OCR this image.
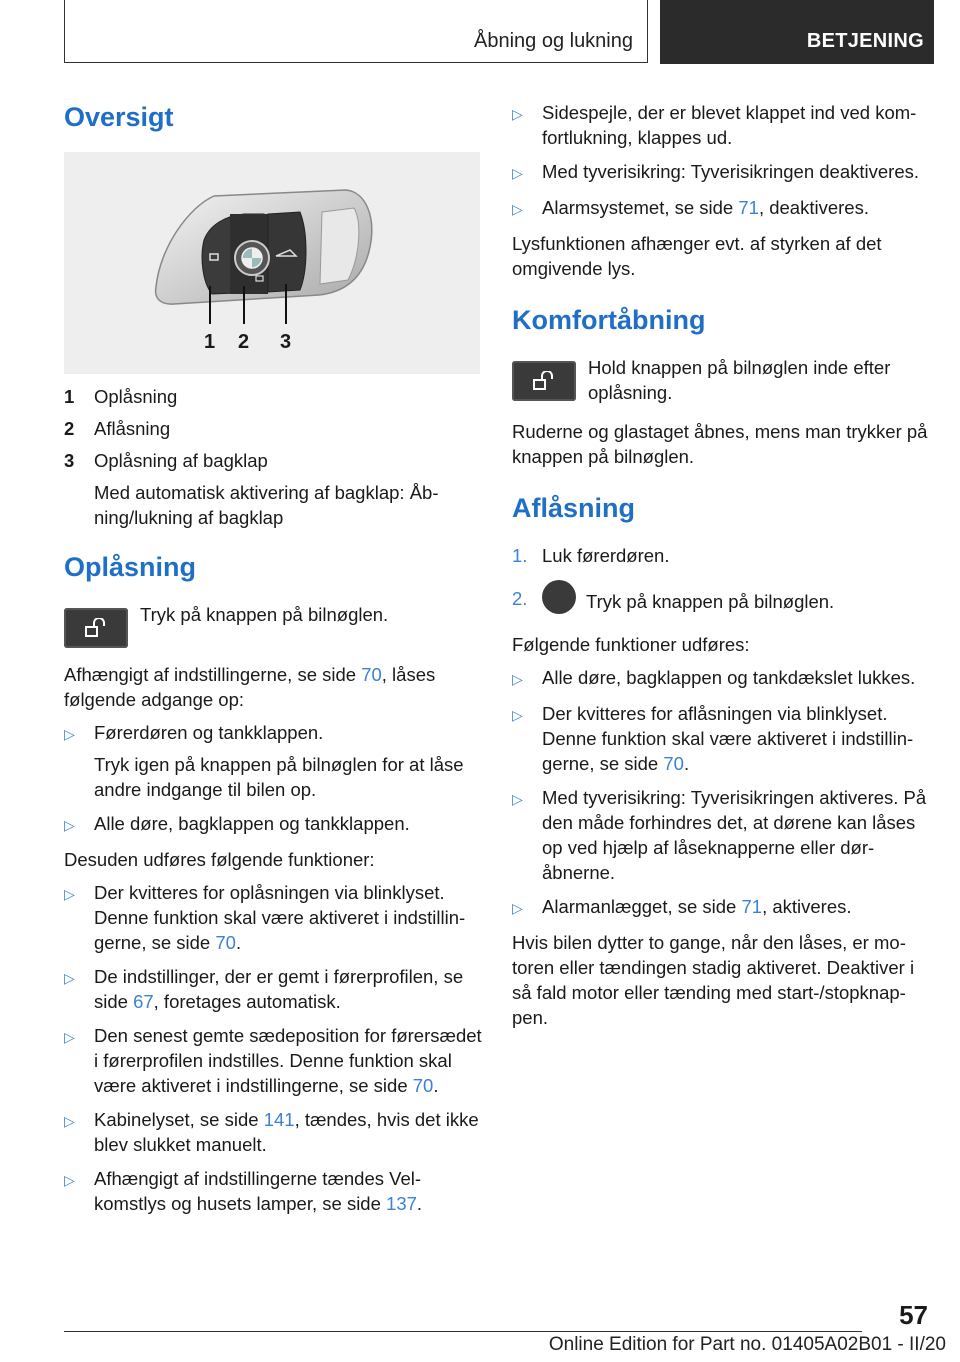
Åbning og lukning	BETJENING
Oversigt
1 2 3
1	Oplåsning
2	Aflåsning
3	Oplåsning af bagklap

Med automatisk aktivering af bagklap: Åbning/lukning af bagklap
Oplåsning
Tryk på knappen på bilnøglen.

Afhængigt af indstillingerne, se side 70, låses følgende adgange op:

▷	Førerdøren og tankklappen.
Tryk igen på knappen på bilnøglen for at låse andre indgange til bilen op.
▷	Alle døre, bagklappen og tankklappen.

Desuden udføres følgende funktioner:

▷	Der kvitteres for oplåsningen via blinklyset. Denne funktion skal være aktiveret i indstillingerne, se side 70.
▷	De indstillinger, der er gemt i førerprofilen, se side 67, foretages automatisk.
▷	Den senest gemte sædeposition for førersædet i førerprofilen indstilles. Denne funktion skal være aktiveret i indstillingerne, se side 70.
▷	Kabinelyset, se side 141, tændes, hvis det ikke blev slukket manuelt.
▷	Afhængigt af indstillingerne tændes Velkomstlys og husets lamper, se side 137.
▷	Sidespejle, der er blevet klappet ind ved komfortlukning, klappes ud.
▷	Med tyverisikring: Tyverisikringen deaktiveres.
▷	Alarmsystemet, se side 71, deaktiveres.

Lysfunktionen afhænger evt. af styrken af det omgivende lys.

Komfortåbning
Hold knappen på bilnøglen inde efter oplåsning.

Ruderne og glastaget åbnes, mens man trykker på knappen på bilnøglen.

Aflåsning
1. Luk førerdøren.
2.	Tryk på knappen på bilnøglen.

Følgende funktioner udføres:

▷	Alle døre, bagklappen og tankdækslet lukkes.
▷	Der kvitteres for aflåsningen via blinklyset. Denne funktion skal være aktiveret i indstillingerne, se side 70.
▷	Med tyverisikring: Tyverisikringen aktiveres. På den måde forhindres det, at dørene kan låses op ved hjælp af låseknapperne eller døråbnerne.
▷	Alarmanlægget, se side 71, aktiveres.

Hvis bilen dytter to gange, når den låses, er motoren eller tændingen stadig aktiveret. Deaktiver i så fald motor eller tænding med start-/stopknappen.

57
Online Edition for Part no. 01405A02B01 - II/20
